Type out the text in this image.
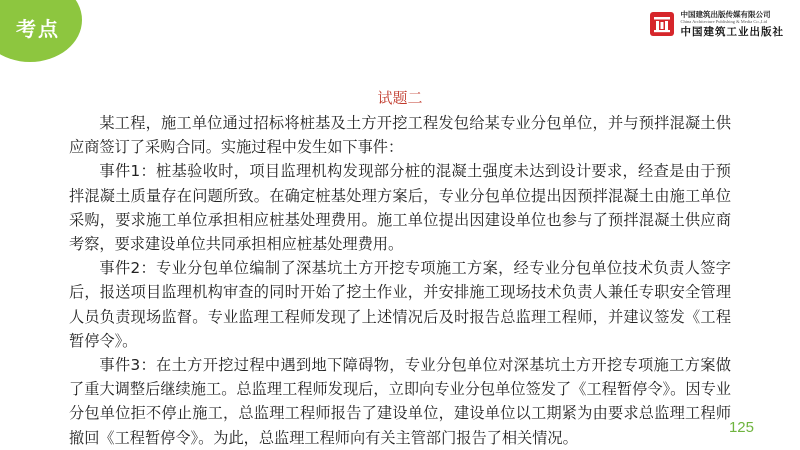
考点
中国建筑出版传媒有限公司
China Architecture Publishing & Media Co.,Ltd
中国建筑工业出版社
试题二

某工程，施工单位通过招标将桩基及土方开挖工程发包给某专业分包单位，并与预拌混凝土供应商签订了采购合同。实施过程中发生如下事件：

事件1：桩基验收时，项目监理机构发现部分桩的混凝土强度未达到设计要求，经查是由于预拌混凝土质量存在问题所致。在确定桩基处理方案后，专业分包单位提出因预拌混凝土由施工单位采购，要求施工单位承担相应桩基处理费用。施工单位提出因建设单位也参与了预拌混凝土供应商考察，要求建设单位共同承担相应桩基处理费用。

事件2：专业分包单位编制了深基坑土方开挖专项施工方案，经专业分包单位技术负责人签字后，报送项目监理机构审查的同时开始了挖土作业，并安排施工现场技术负责人兼任专职安全管理人员负责现场监督。专业监理工程师发现了上述情况后及时报告总监理工程师，并建议签发《工程暂停令》。

事件3：在土方开挖过程中遇到地下障碍物，专业分包单位对深基坑土方开挖专项施工方案做了重大调整后继续施工。总监理工程师发现后，立即向专业分包单位签发了《工程暂停令》。因专业分包单位拒不停止施工，总监理工程师报告了建设单位，建设单位以工期紧为由要求总监理工程师撤回《工程暂停令》。为此，总监理工程师向有关主管部门报告了相关情况。

125
